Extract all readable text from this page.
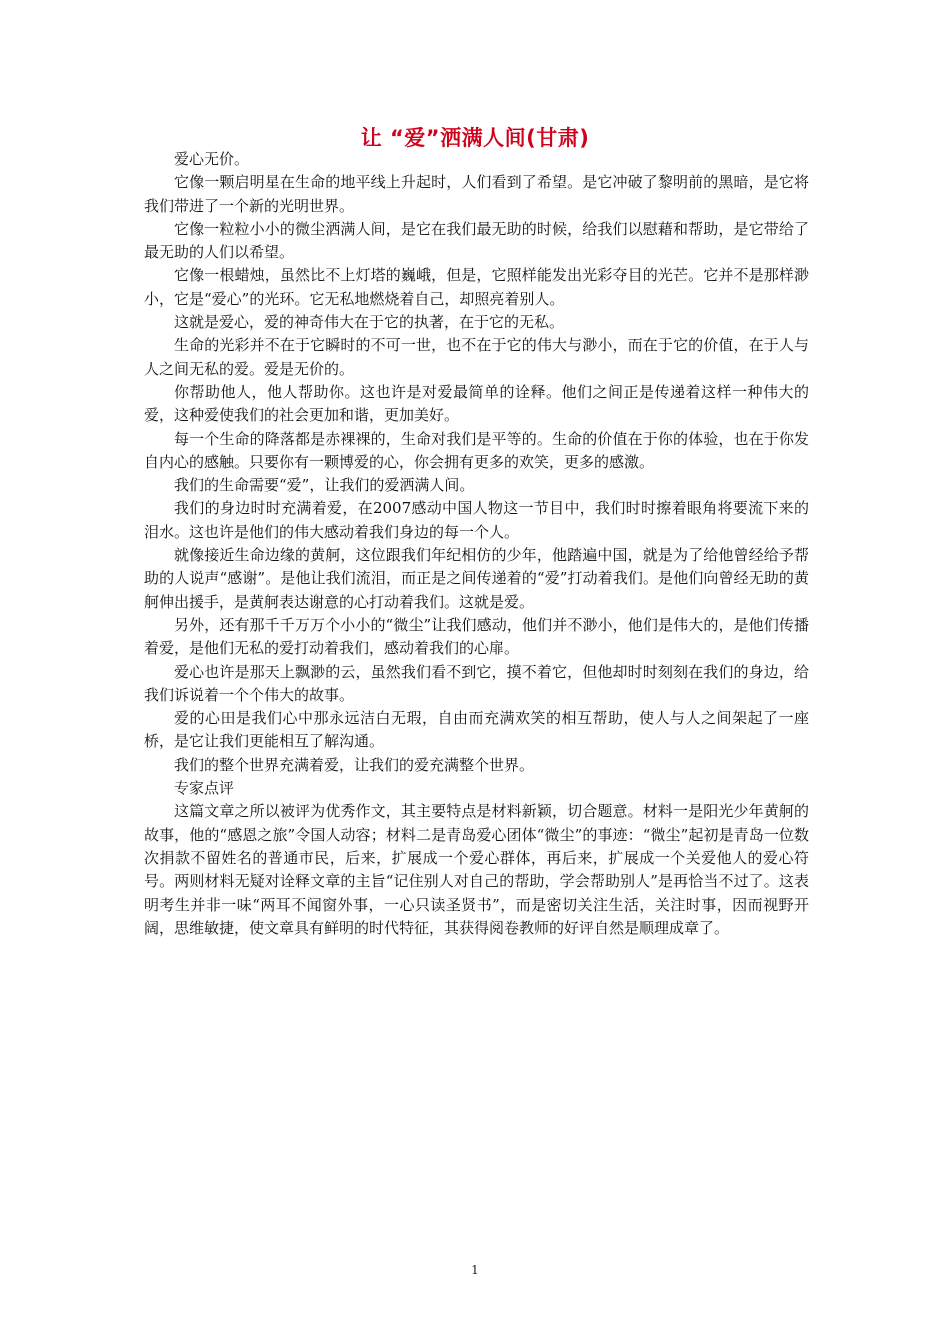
让 “爱”洒满人间(甘肃)

爱心无价。

它像一颗启明星在生命的地平线上升起时，人们看到了希望。是它冲破了黎明前的黑暗，是它将我们带进了一个新的光明世界。

它像一粒粒小小的微尘洒满人间，是它在我们最无助的时候，给我们以慰藉和帮助，是它带给了最无助的人们以希望。

它像一根蜡烛，虽然比不上灯塔的巍峨，但是，它照样能发出光彩夺目的光芒。它并不是那样渺小，它是“爱心”的光环。它无私地燃烧着自己，却照亮着别人。

这就是爱心，爱的神奇伟大在于它的执著，在于它的无私。

生命的光彩并不在于它瞬时的不可一世，也不在于它的伟大与渺小，而在于它的价值，在于人与人之间无私的爱。爱是无价的。

你帮助他人，他人帮助你。这也许是对爱最简单的诠释。他们之间正是传递着这样一种伟大的爱，这种爱使我们的社会更加和谐，更加美好。

每一个生命的降落都是赤裸裸的，生命对我们是平等的。生命的价值在于你的体验，也在于你发自内心的感触。只要你有一颗博爱的心，你会拥有更多的欢笑，更多的感激。

我们的生命需要“爱”，让我们的爱洒满人间。

我们的身边时时充满着爱，在2007感动中国人物这一节目中，我们时时擦着眼角将要流下来的泪水。这也许是他们的伟大感动着我们身边的每一个人。

就像接近生命边缘的黄舸，这位跟我们年纪相仿的少年，他踏遍中国，就是为了给他曾经给予帮助的人说声“感谢”。是他让我们流泪，而正是之间传递着的“爱”打动着我们。是他们向曾经无助的黄舸伸出援手，是黄舸表达谢意的心打动着我们。这就是爱。

另外，还有那千千万万个小小的“微尘”让我们感动，他们并不渺小，他们是伟大的，是他们传播着爱，是他们无私的爱打动着我们，感动着我们的心扉。

爱心也许是那天上飘渺的云，虽然我们看不到它，摸不着它，但他却时时刻刻在我们的身边，给我们诉说着一个个伟大的故事。

爱的心田是我们心中那永远洁白无瑕，自由而充满欢笑的相互帮助，使人与人之间架起了一座桥，是它让我们更能相互了解沟通。

我们的整个世界充满着爱，让我们的爱充满整个世界。

专家点评

这篇文章之所以被评为优秀作文，其主要特点是材料新颖，切合题意。材料一是阳光少年黄舸的故事，他的“感恩之旅”令国人动容；材料二是青岛爱心团体“微尘”的事迹：“微尘”起初是青岛一位数次捐款不留姓名的普通市民，后来，扩展成一个爱心群体，再后来，扩展成一个关爱他人的爱心符号。两则材料无疑对诠释文章的主旨“记住别人对自己的帮助，学会帮助别人”是再恰当不过了。这表明考生并非一味“两耳不闻窗外事，一心只读圣贤书”，而是密切关注生活，关注时事，因而视野开阔，思维敏捷，使文章具有鲜明的时代特征，其获得阅卷教师的好评自然是顺理成章了。

1
